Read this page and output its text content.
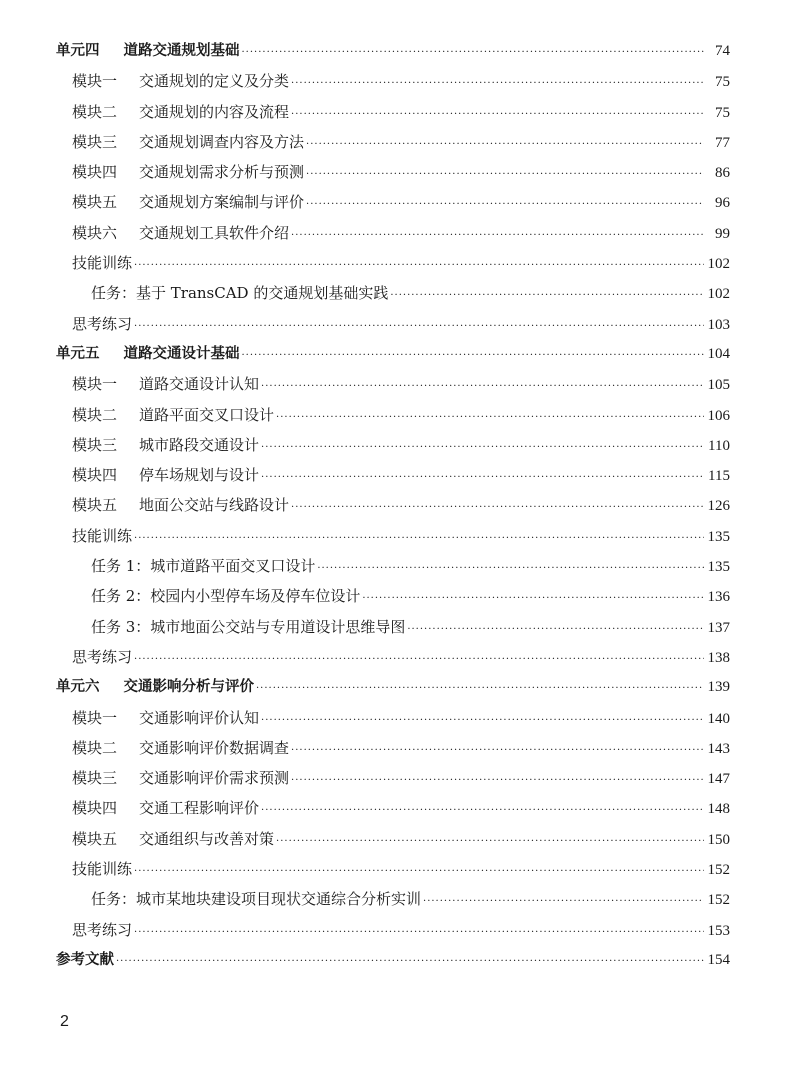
单元四 道路交通规划基础 ·····	74
模块一 交通规划的定义及分类 ·····	75
模块二 交通规划的内容及流程 ·····	75
模块三 交通规划调查内容及方法 ·····	77
模块四 交通规划需求分析与预测 ·····	86
模块五 交通规划方案编制与评价 ·····	96
模块六 交通规划工具软件介绍 ·····	99
技能训练 ·····	102
任务：基于 TransCAD 的交通规划基础实践 ·····	102
思考练习 ·····	103
单元五 道路交通设计基础 ·····	104
模块一 道路交通设计认知 ·····	105
模块二 道路平面交叉口设计 ·····	106
模块三 城市路段交通设计 ·····	110
模块四 停车场规划与设计 ·····	115
模块五 地面公交站与线路设计 ·····	126
技能训练 ·····	135
任务 1：城市道路平面交叉口设计 ·····	135
任务 2：校园内小型停车场及停车位设计 ·····	136
任务 3：城市地面公交站与专用道设计思维导图 ·····	137
思考练习 ·····	138
单元六 交通影响分析与评价 ·····	139
模块一 交通影响评价认知 ·····	140
模块二 交通影响评价数据调查 ·····	143
模块三 交通影响评价需求预测 ·····	147
模块四 交通工程影响评价 ·····	148
模块五 交通组织与改善对策 ·····	150
技能训练 ·····	152
任务：城市某地块建设项目现状交通综合分析实训 ·····	152
思考练习 ·····	153
参考文献 ·····	154
2
